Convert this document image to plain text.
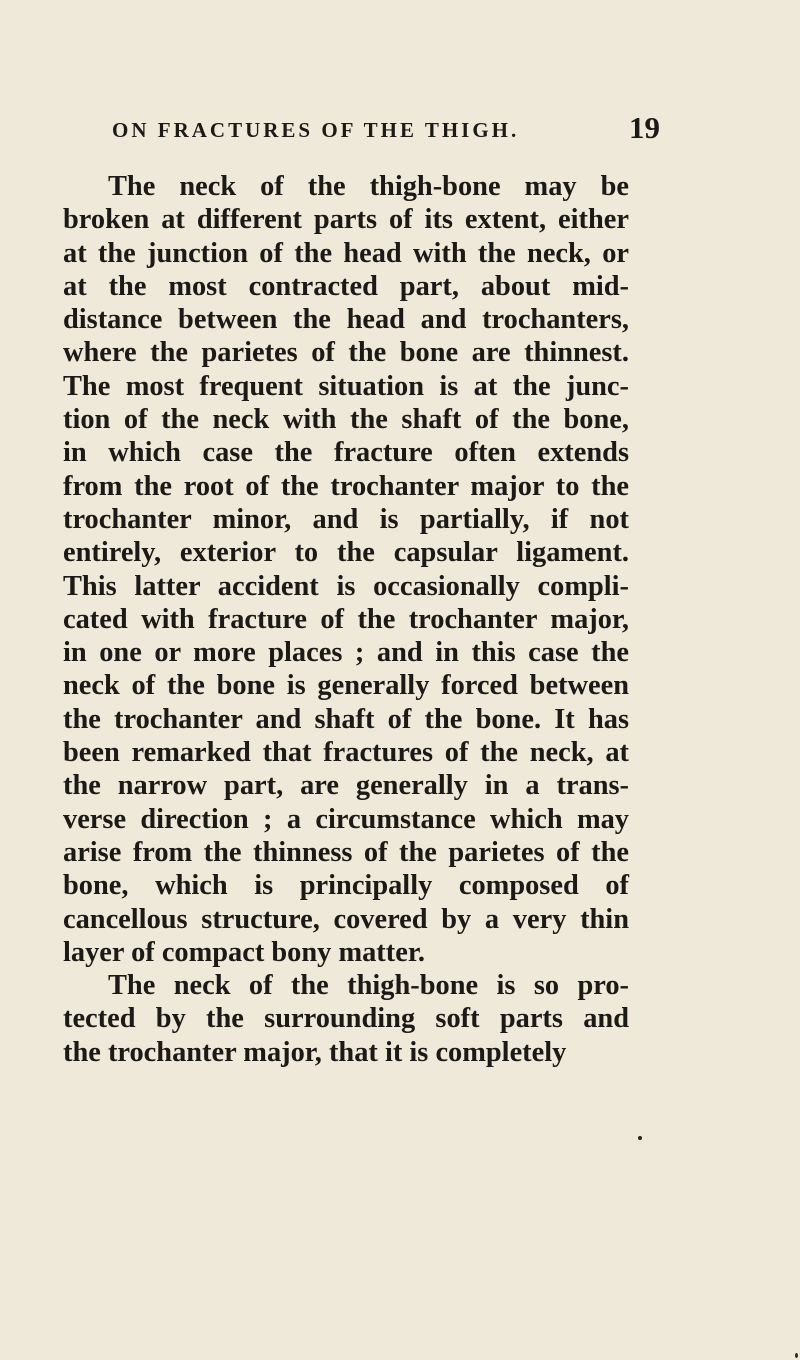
ON FRACTURES OF THE THIGH.	19
The neck of the thigh-bone may be
broken at different parts of its extent, either
at the junction of the head with the neck, or
at the most contracted part, about mid-
distance between the head and trochanters,
where the parietes of the bone are thinnest.
The most frequent situation is at the junc-
tion of the neck with the shaft of the bone,
in which case the fracture often extends
from the root of the trochanter major to the
trochanter minor, and is partially, if not
entirely, exterior to the capsular ligament.
This latter accident is occasionally compli-
cated with fracture of the trochanter major,
in one or more places ; and in this case the
neck of the bone is generally forced between
the trochanter and shaft of the bone. It has
been remarked that fractures of the neck, at
the narrow part, are generally in a trans-
verse direction ; a circumstance which may
arise from the thinness of the parietes of the
bone, which is principally composed of
cancellous structure, covered by a very thin
layer of compact bony matter.
The neck of the thigh-bone is so pro-
tected by the surrounding soft parts and
the trochanter major, that it is completely
